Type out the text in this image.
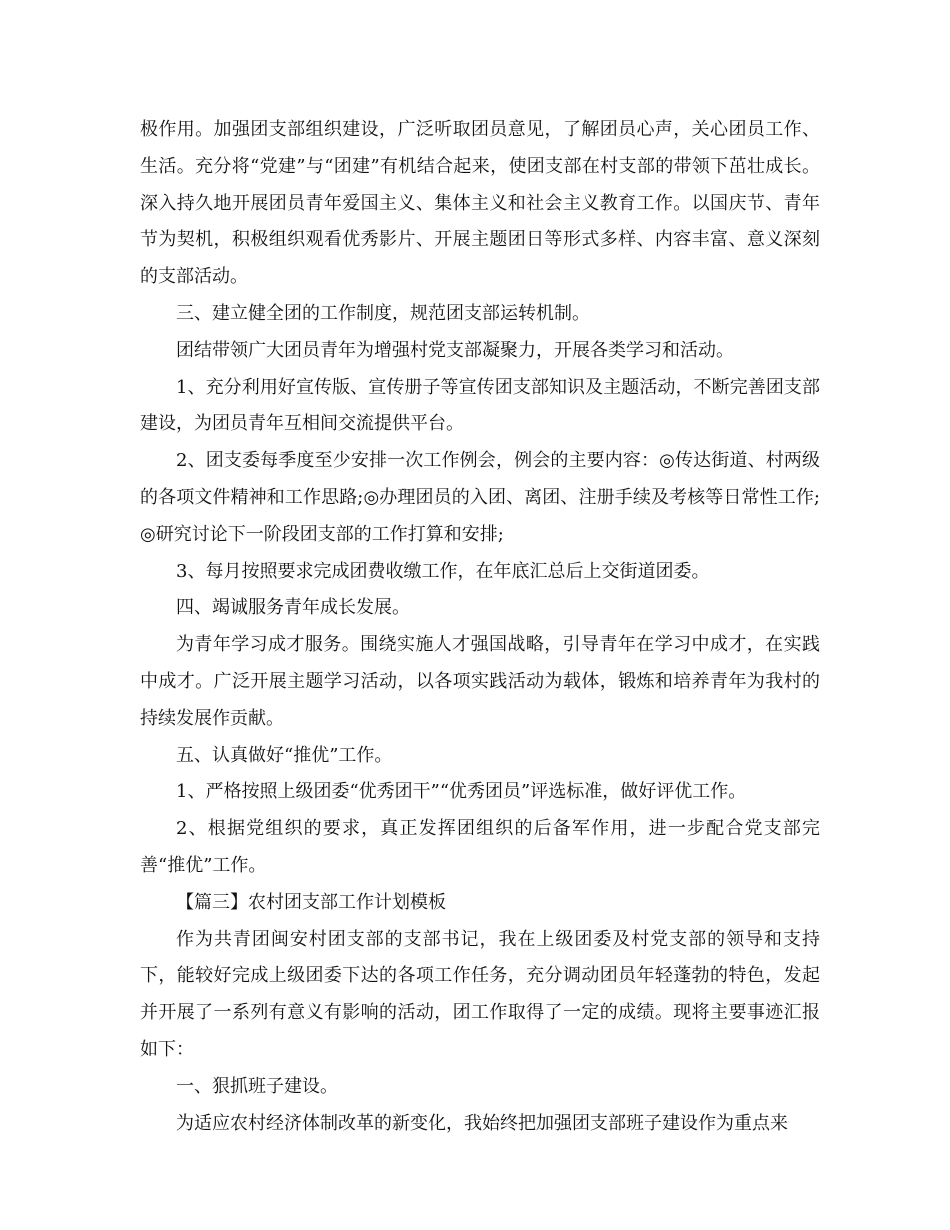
极作用。加强团支部组织建设，广泛听取团员意见，了解团员心声，关心团员工作、生活。充分将“党建”与“团建”有机结合起来，使团支部在村支部的带领下茁壮成长。深入持久地开展团员青年爱国主义、集体主义和社会主义教育工作。以国庆节、青年节为契机，积极组织观看优秀影片、开展主题团日等形式多样、内容丰富、意义深刻的支部活动。

三、建立健全团的工作制度，规范团支部运转机制。

团结带领广大团员青年为增强村党支部凝聚力，开展各类学习和活动。

1、充分利用好宣传版、宣传册子等宣传团支部知识及主题活动，不断完善团支部建设，为团员青年互相间交流提供平台。

2、团支委每季度至少安排一次工作例会，例会的主要内容：◎传达街道、村两级的各项文件精神和工作思路;◎办理团员的入团、离团、注册手续及考核等日常性工作;◎研究讨论下一阶段团支部的工作打算和安排;

3、每月按照要求完成团费收缴工作，在年底汇总后上交街道团委。

四、竭诚服务青年成长发展。

为青年学习成才服务。围绕实施人才强国战略，引导青年在学习中成才，在实践中成才。广泛开展主题学习活动，以各项实践活动为载体，锻炼和培养青年为我村的持续发展作贡献。

五、认真做好“推优”工作。

1、严格按照上级团委“优秀团干”“优秀团员”评选标准，做好评优工作。

2、根据党组织的要求，真正发挥团组织的后备军作用，进一步配合党支部完善“推优”工作。

【篇三】农村团支部工作计划模板

作为共青团闽安村团支部的支部书记，我在上级团委及村党支部的领导和支持下，能较好完成上级团委下达的各项工作任务，充分调动团员年轻蓬勃的特色，发起并开展了一系列有意义有影响的活动，团工作取得了一定的成绩。现将主要事迹汇报如下：

一、狠抓班子建设。

为适应农村经济体制改革的新变化，我始终把加强团支部班子建设作为重点来
